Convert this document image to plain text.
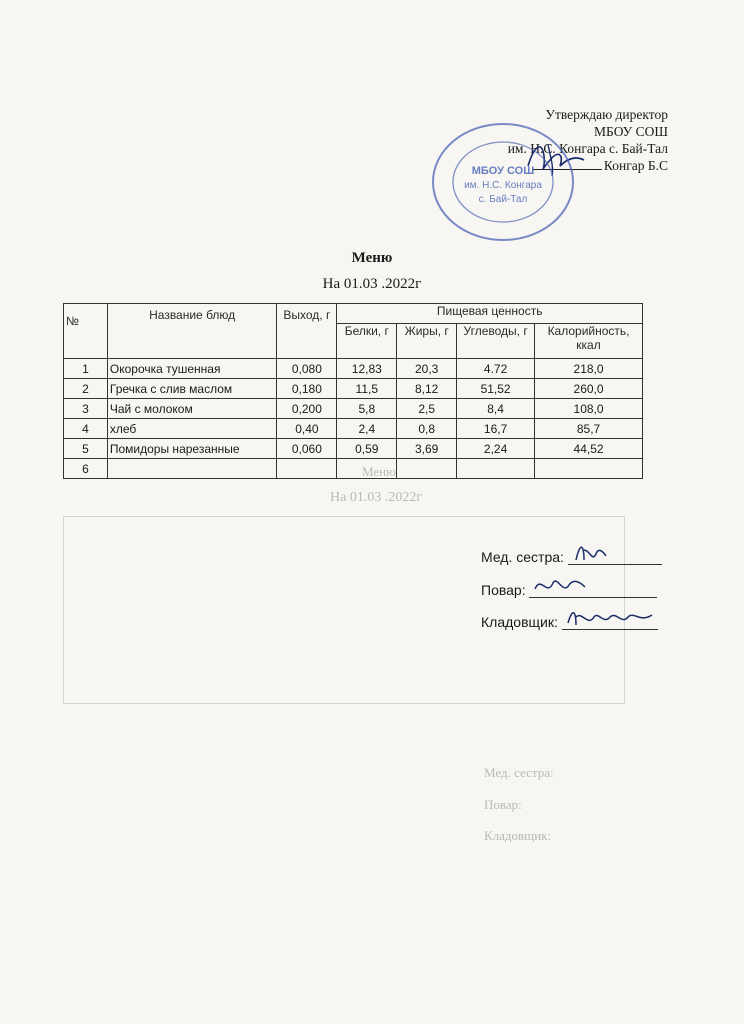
Меню
На 01.03 .2022г
Мед. сестра:
Повар:
Кладовщик:
Утверждаю директор
МБОУ СОШ
им. Н.С. Конгара с. Бай-Тал
Конгар Б.С
МБОУ СОШ
им. Н.С. Конгара
с. Бай-Тал
Меню
На 01.03 .2022г
№	Название блюд	Выход, г	Пищевая ценность			
			Белки, г	Жиры, г	Углеводы, г	Калорийность, ккал
1	Окорочка тушенная	0,080	12,83	20,3	4.72	218,0
2	Гречка с слив маслом	0,180	11,5	8,12	51,52	260,0
3	Чай с молоком	0,200	5,8	2,5	8,4	108,0
4	хлеб	0,40	2,4	0,8	16,7	85,7
5	Помидоры нарезанные	0,060	0,59	3,69	2,24	44,52
6						
Мед. сестра:
Повар:
Кладовщик:
